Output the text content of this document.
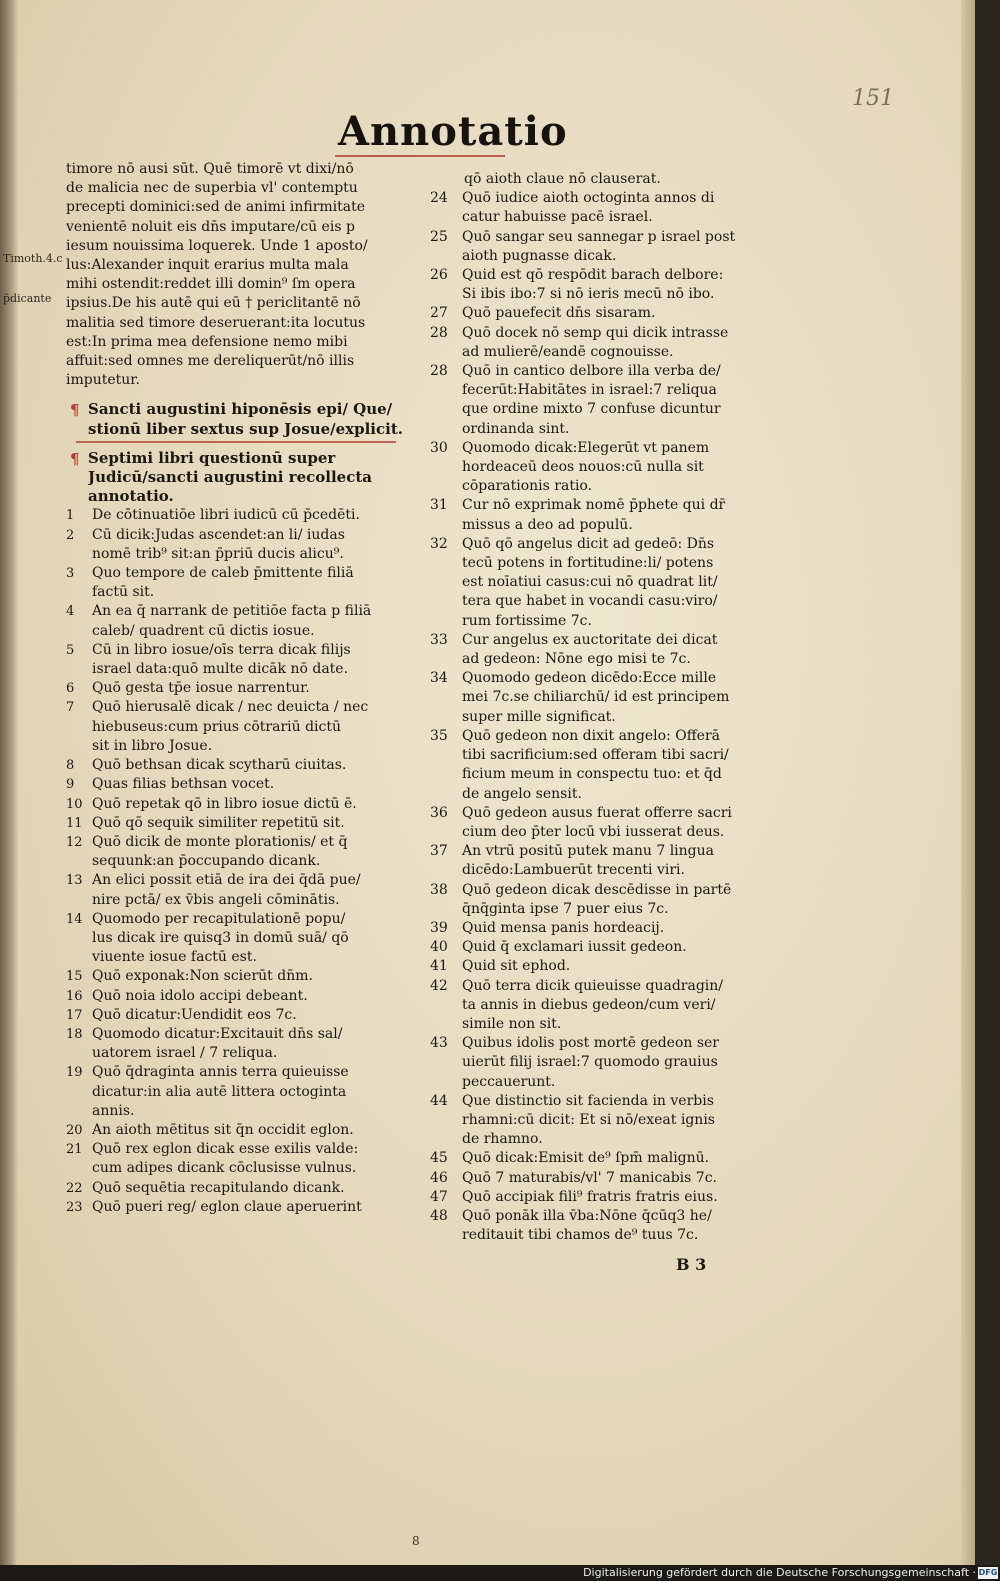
151
Annotatio
Timoth.4.c
p̄dicante
timore nō ausi sūt. Quē timorē vt dixi/nō
de malicia nec de superbia vl' contemptu
precepti dominici:sed de animi infirmitate
venientē noluit eis dn̄s imputare/cū eis p
iesum nouissima loquerek. Unde 1 aposto/
lus:Alexander inquit erarius multa mala
mihi ostendit:reddet illi domin⁹ ſm opera
ipsius.De his autē qui eū † periclitantē nō
malitia sed timore deseruerant:ita locutus
est:In prima mea defensione nemo mibi
affuit:sed omnes me dereliquerūt/nō illis
imputetur.
¶ Sancti augustini hiponēsis epi/ Que/
stionū liber sextus sup Josue/explicit.
¶ Septimi libri questionū super
Judicū/sancti augustini recollecta
annotatio.
1	De cōtinuatiōe libri iudicū cū p̄cedēti.
2	Cū dicik:Judas ascendet:an li/ iudas
nomē trib⁹ sit:an p̄priū ducis alicu⁹.
3	Quo tempore de caleb p̄mittente filiā
factū sit.
4	An ea q̄ narrank de petitiōe facta p filiā
caleb/ quadrent cū dictis iosue.
5	Cū in libro iosue/oīs terra dicak filijs
israel data:quō multe dicāk nō date.
6	Quō gesta tp̄e iosue narrentur.
7	Quō hierusalē dicak / nec deuicta / nec
hiebuseus:cum prius cōtrariū dictū
sit in libro Josue.
8	Quō bethsan dicak scytharū ciuitas.
9	Quas filias bethsan vocet.
10 Quō repetak qō in libro iosue dictū ē.
11 Quō qō sequik similiter repetitū sit.
12 Quō dicik de monte plorationis/ et q̄
sequunk:an p̄occupando dicank.
13 An elici possit etiā de ira dei q̄dā pue/
nire pctā/ ex v̄bis angeli cōminātis.
14 Quomodo per recapitulationē popu/
lus dicak ire quisq3 in domū suā/ qō
viuente iosue factū est.
15 Quō exponak:Non scierūt dn̄m.
16 Quō noia idolo accipi debeant.
17 Quō dicatur:Uendidit eos 7c.
18 Quomodo dicatur:Excitauit dn̄s sal/
uatorem israel / 7 reliqua.
19 Quō q̄draginta annis terra quieuisse
dicatur:in alia autē littera octoginta
annis.
20 An aioth mētitus sit q̄n occidit eglon.
21 Quō rex eglon dicak esse exilis valde:
cum adipes dicank cōclusisse vulnus.
22 Quō sequētia recapitulando dicank.
23 Quō pueri reg/ eglon claue aperuerint
qō aioth claue nō clauserat.
24	Quō iudice aioth octoginta annos di
catur habuisse pacē israel.
25	Quō sangar seu sannegar p israel post
aioth pugnasse dicak.
26	Quid est qō respōdit barach delbore:
Si ibis ibo:7 si nō ieris mecū nō ibo.
27	Quō pauefecit dn̄s sisaram.
28	Quō docek nō semp qui dicik intrasse
ad mulierē/eandē cognouisse.
28	Quō in cantico delbore illa verba de/
fecerūt:Habitātes in israel:7 reliqua
que ordine mixto 7 confuse dicuntur
ordinanda sint.
30	Quomodo dicak:Elegerūt vt panem
hordeaceū deos nouos:cū nulla sit
cōparationis ratio.
31	Cur nō exprimak nomē p̄phete qui dr̄
missus a deo ad populū.
32	Quō qō angelus dicit ad gedeō: Dn̄s
tecū potens in fortitudine:li/ potens
est noīatiui casus:cui nō quadrat lit/
tera que habet in vocandi casu:viro/
rum fortissime 7c.
33	Cur angelus ex auctoritate dei dicat
ad gedeon: Nōne ego misi te 7c.
34	Quomodo gedeon dicēdo:Ecce mille
mei 7c.se chiliarchū/ id est principem
super mille significat.
35	Quō gedeon non dixit angelo: Offerā
tibi sacrificium:sed offeram tibi sacri/
ficium meum in conspectu tuo: et q̄d
de angelo sensit.
36	Quō gedeon ausus fuerat offerre sacri
cium deo p̄ter locū vbi iusserat deus.
37	An vtrū positū putek manu 7 lingua
dicēdo:Lambuerūt trecenti viri.
38	Quō gedeon dicak descēdisse in partē
q̄nq̄ginta ipse 7 puer eius 7c.
39	Quid mensa panis hordeacij.
40	Quid q̄ exclamari iussit gedeon.
41	Quid sit ephod.
42	Quō terra dicik quieuisse quadragin/
ta annis in diebus gedeon/cum veri/
simile non sit.
43	Quibus idolis post mortē gedeon ser
uierūt filij israel:7 quomodo grauius
peccauerunt.
44	Que distinctio sit facienda in verbis
rhamni:cū dicit: Et si nō/exeat ignis
de rhamno.
45	Quō dicak:Emisit de⁹ ſpm̄ malignū.
46	Quō 7 maturabis/vl' 7 manicabis 7c.
47	Quō accipiak fili⁹ fratris fratris eius.
48	Quō ponāk illa v̄ba:Nōne q̄cūq3 he/
reditauit tibi chamos de⁹ tuus 7c.
B 3
8
Digitalisierung gefördert durch die Deutsche Forschungsgemeinschaft · DFG
